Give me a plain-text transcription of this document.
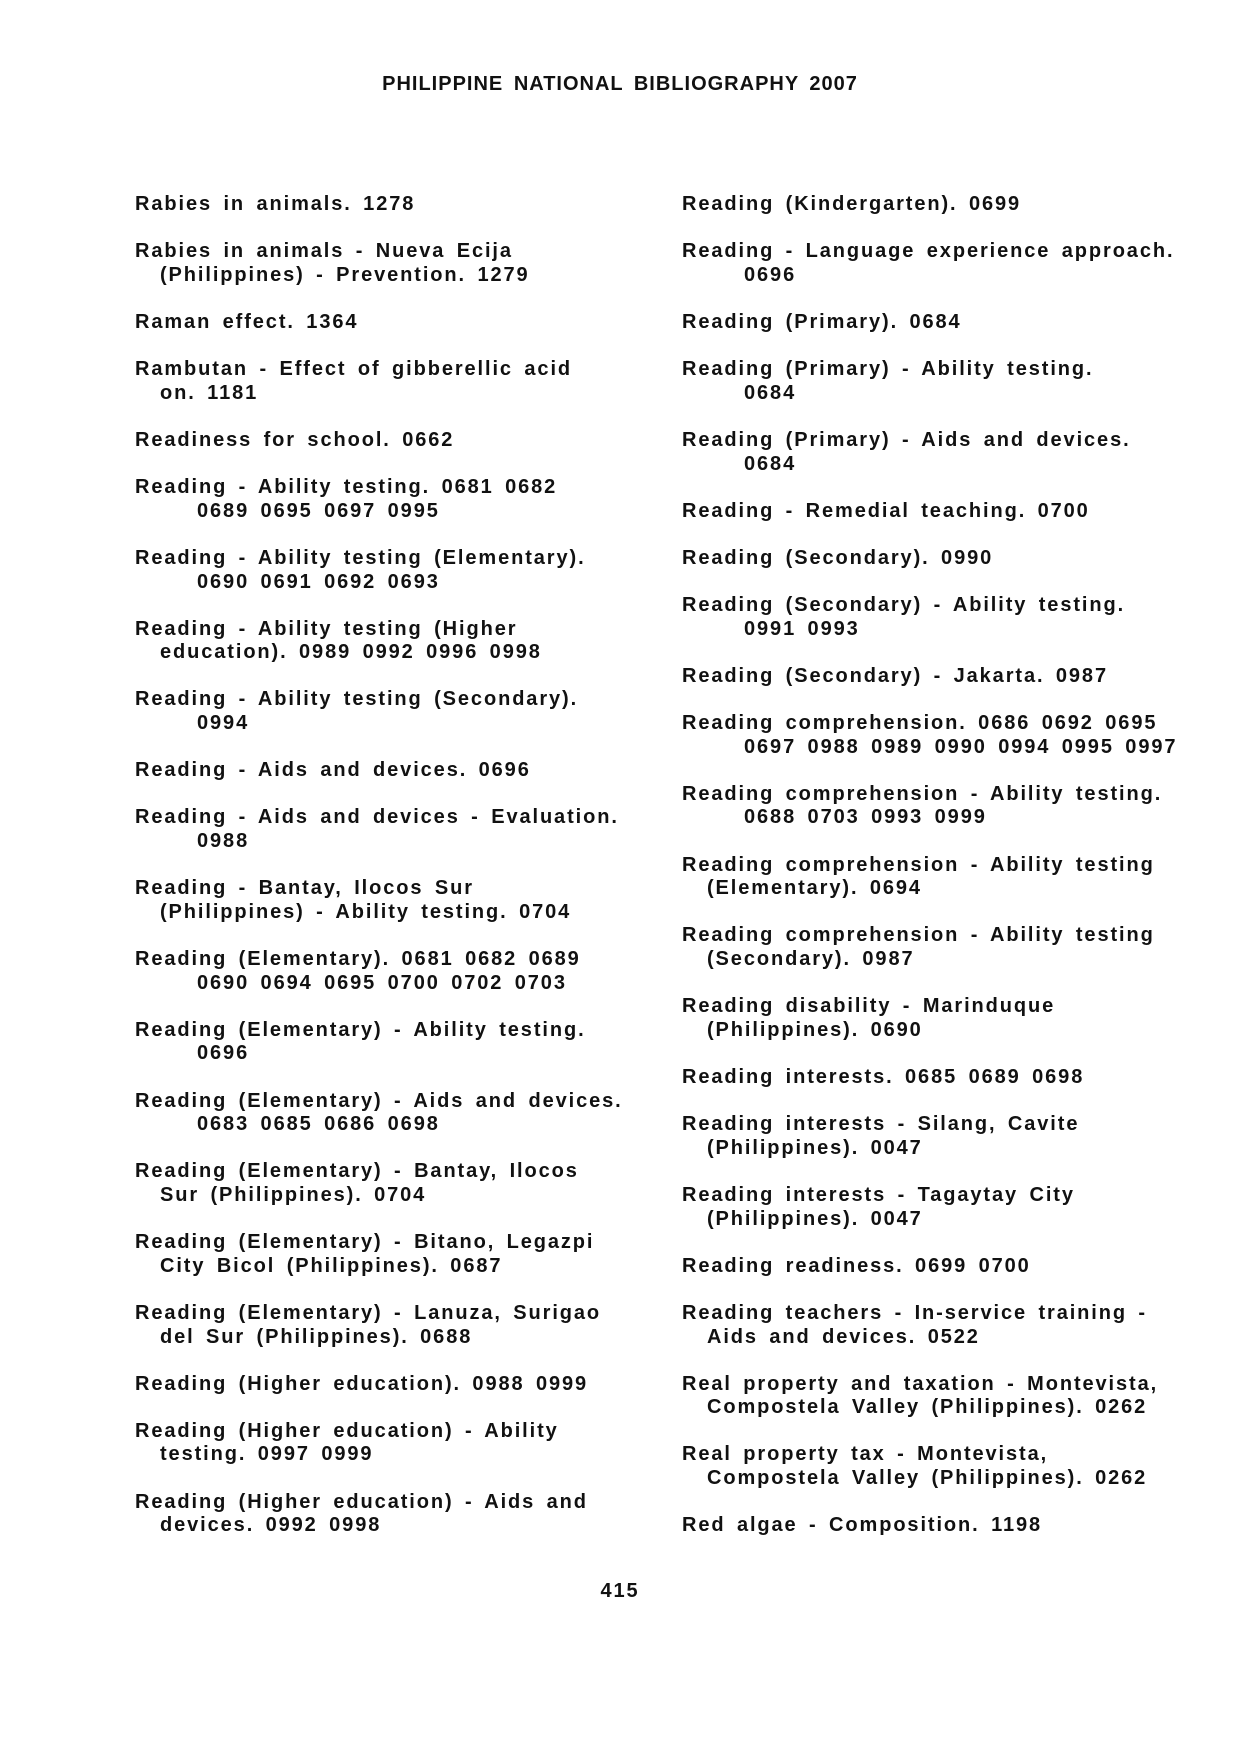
PHILIPPINE NATIONAL BIBLIOGRAPHY 2007
Rabies in animals. 1278
Rabies in animals - Nueva Ecija
(Philippines) - Prevention. 1279
Raman effect. 1364
Rambutan - Effect of gibberellic acid
on. 1181
Readiness for school. 0662
Reading - Ability testing. 0681 0682
0689 0695 0697 0995
Reading - Ability testing (Elementary).
0690 0691 0692 0693
Reading - Ability testing (Higher
education). 0989 0992 0996 0998
Reading - Ability testing (Secondary).
0994
Reading - Aids and devices. 0696
Reading - Aids and devices - Evaluation.
0988
Reading - Bantay, Ilocos Sur
(Philippines) - Ability testing. 0704
Reading (Elementary). 0681 0682 0689
0690 0694 0695 0700 0702 0703
Reading (Elementary) - Ability testing.
0696
Reading (Elementary) - Aids and devices.
0683 0685 0686 0698
Reading (Elementary) - Bantay, Ilocos
Sur (Philippines). 0704
Reading (Elementary) - Bitano, Legazpi
City Bicol (Philippines). 0687
Reading (Elementary) - Lanuza, Surigao
del Sur (Philippines). 0688
Reading (Higher education). 0988 0999
Reading (Higher education) - Ability
testing. 0997 0999
Reading (Higher education) - Aids and
devices. 0992 0998
Reading (Kindergarten). 0699
Reading - Language experience approach.
0696
Reading (Primary). 0684
Reading (Primary) - Ability testing.
0684
Reading (Primary) - Aids and devices.
0684
Reading - Remedial teaching. 0700
Reading (Secondary). 0990
Reading (Secondary) - Ability testing.
0991 0993
Reading (Secondary) - Jakarta. 0987
Reading comprehension. 0686 0692 0695
0697 0988 0989 0990 0994 0995 0997
Reading comprehension - Ability testing.
0688 0703 0993 0999
Reading comprehension - Ability testing
(Elementary). 0694
Reading comprehension - Ability testing
(Secondary). 0987
Reading disability - Marinduque
(Philippines). 0690
Reading interests. 0685 0689 0698
Reading interests - Silang, Cavite
(Philippines). 0047
Reading interests - Tagaytay City
(Philippines). 0047
Reading readiness. 0699 0700
Reading teachers - In-service training -
Aids and devices. 0522
Real property and taxation - Montevista,
Compostela Valley (Philippines). 0262
Real property tax - Montevista,
Compostela Valley (Philippines). 0262
Red algae - Composition. 1198
415
